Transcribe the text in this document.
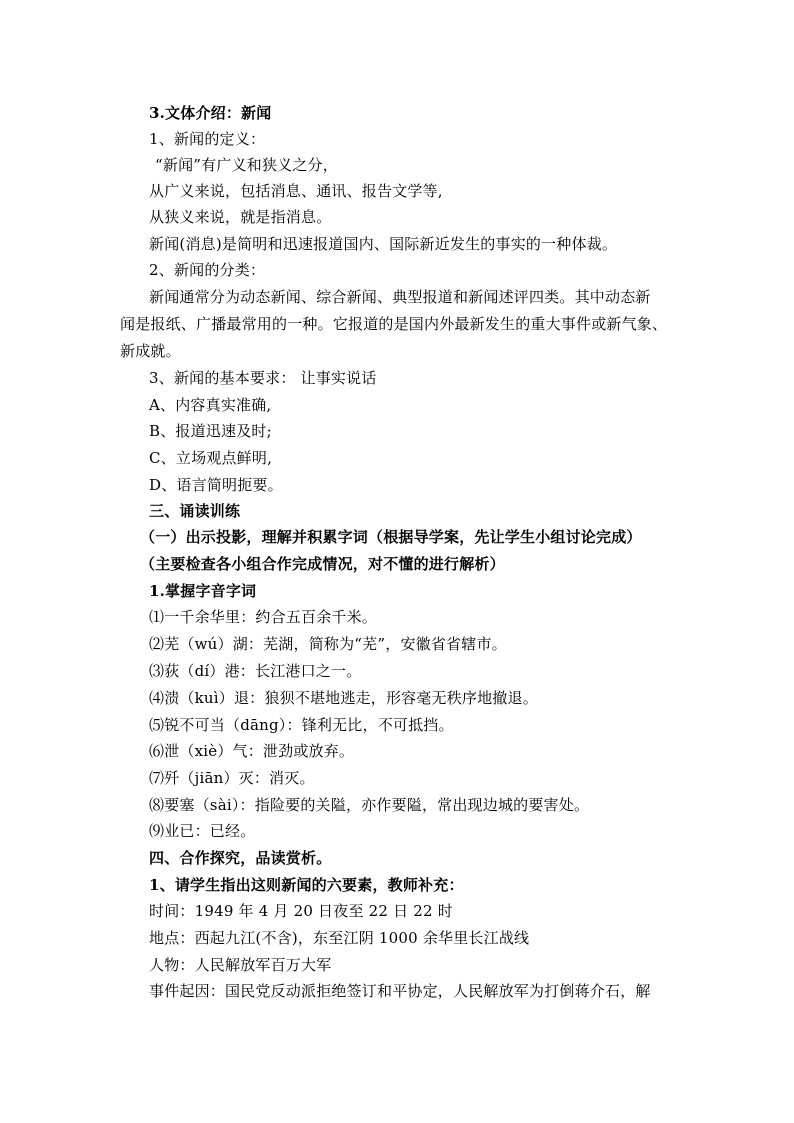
3.文体介绍：新闻
1、新闻的定义：
“新闻”有广义和狭义之分，
从广义来说，包括消息、通讯、报告文学等,
从狭义来说，就是指消息。
新闻(消息)是简明和迅速报道国内、国际新近发生的事实的一种体裁。
2、新闻的分类：
新闻通常分为动态新闻、综合新闻、典型报道和新闻述评四类。其中动态新
闻是报纸、广播最常用的一种。它报道的是国内外最新发生的重大事件或新气象、
新成就。
3、新闻的基本要求： 让事实说话
A、内容真实准确,
B、报道迅速及时;
C、立场观点鲜明,
D、语言简明扼要。
三、诵读训练
（一）出示投影，理解并积累字词（根据导学案，先让学生小组讨论完成）
（主要检查各小组合作完成情况，对不懂的进行解析）
1.掌握字音字词
⑴一千余华里：约合五百余千米。
⑵芜（wú）湖：芜湖，简称为“芜”，安徽省省辖市。
⑶荻（dí）港：长江港口之一。
⑷溃（kuì）退：狼狈不堪地逃走，形容毫无秩序地撤退。
⑸锐不可当（dāng）：锋利无比，不可抵挡。
⑹泄（xiè）气：泄劲或放弃。
⑺歼（jiān）灭：消灭。
⑻要塞（sài）：指险要的关隘，亦作要隘，常出现边城的要害处。
⑼业已：已经。
四、合作探究，品读赏析。
1、请学生指出这则新闻的六要素，教师补充：
时间：1949 年 4 月 20 日夜至 22 日 22 时
地点：西起九江(不含)，东至江阴 1000 余华里长江战线
人物：人民解放军百万大军
事件起因：国民党反动派拒绝签订和平协定，人民解放军为打倒蒋介石，解
